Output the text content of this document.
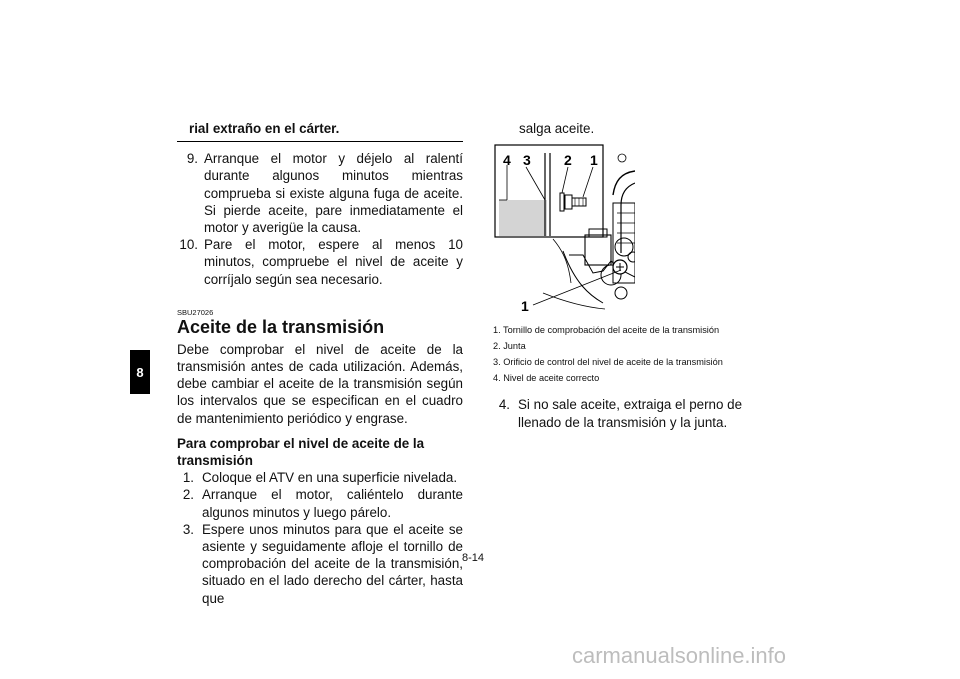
8
rial extraño en el cárter.
9. Arranque el motor y déjelo al ralentí durante algunos minutos mientras comprueba si existe alguna fuga de aceite. Si pierde aceite, pare inmediatamente el motor y averigüe la causa.
10. Pare el motor, espere al menos 10 minutos, compruebe el nivel de aceite y corríjalo según sea necesario.
SBU27026
Aceite de la transmisión
Debe comprobar el nivel de aceite de la transmisión antes de cada utilización. Además, debe cambiar el aceite de la transmisión según los intervalos que se especifican en el cuadro de mantenimiento periódico y engrase.
Para comprobar el nivel de aceite de la transmisión
1. Coloque el ATV en una superficie nivelada.
2. Arranque el motor, caliéntelo durante algunos minutos y luego párelo.
3. Espere unos minutos para que el aceite se asiente y seguidamente afloje el tornillo de comprobación del aceite de la transmisión, situado en el lado derecho del cárter, hasta que
salga aceite.
4 3 2 1
1
1. Tornillo de comprobación del aceite de la transmisión
2. Junta
3. Orificio de control del nivel de aceite de la transmisión
4. Nivel de aceite correcto
4. Si no sale aceite, extraiga el perno de llenado de la transmisión y la junta.
8-14
carmanualsonline.info
